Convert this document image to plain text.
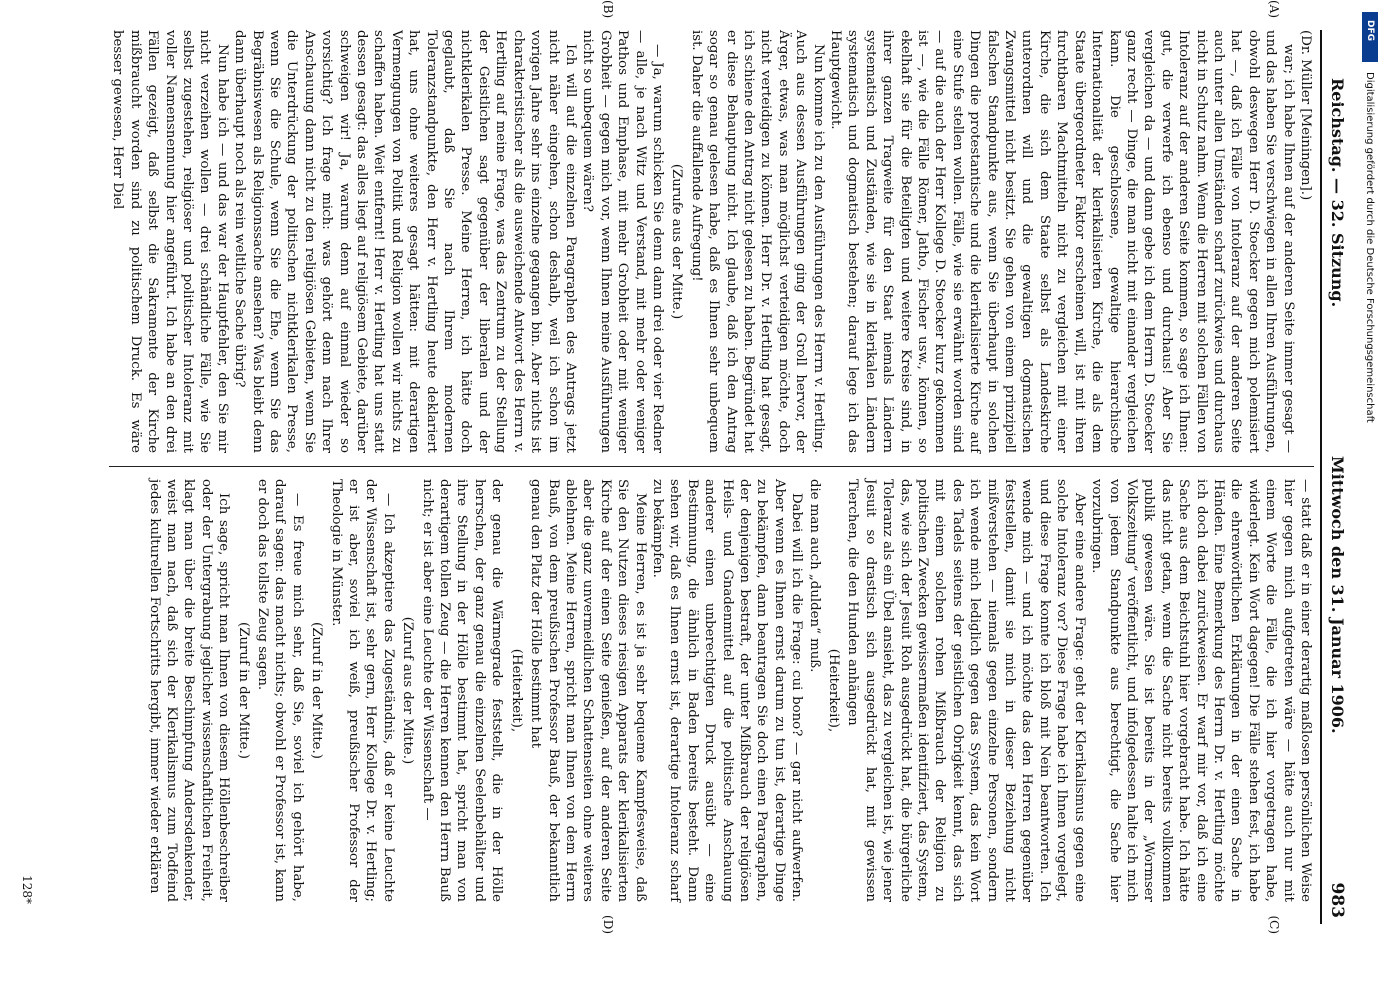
Reichstag. — 32. Sitzung.
Mittwoch den 31. Januar 1906.
983
(A)
(B)

(Dr. Müller [Meiningen].)

war; ich habe Ihnen auf der anderen Seite immer gesagt — und das haben Sie verschwiegen in allen Ihren Ausführungen, obwohl deswegen Herr D. Stoecker gegen mich polemisiert hat —, daß ich Fälle von Intoleranz auf der anderen Seite auch unter allen Umständen scharf zurückwies und durchaus nicht in Schutz nahm. Wenn die Herren mit solchen Fällen von Intoleranz auf der anderen Seite kommen, so sage ich Ihnen: gut, die verwerfe ich ebenso und durchaus! Aber Sie vergleichen da — und dann gebe ich dem Herrn D. Stoecker ganz recht — Dinge, die man nicht mit einander vergleichen kann. Die geschlossene, gewaltige hierarchische Internationalität der klerikalisierten Kirche, die als dem Staate übergeordneter Faktor erscheinen will, ist mit ihren furchtbaren Machtmitteln nicht zu vergleichen mit einer Kirche, die sich dem Staate selbst als Landeskirche unterordnen will und die gewaltigen dogmatischen Zwangsmittel nicht besitzt. Sie gehen von einem prinzipiell falschen Standpunkte aus, wenn Sie überhaupt in solchen Dingen die protestantische und die klerikalisierte Kirche auf eine Stufe stellen wollen. Fälle, wie sie erwähnt worden sind — auf die auch der Herr Kollege D. Stoecker kurz gekommen ist —, wie die Fälle Römer, Jatho, Fischer usw., können, so ekelhaft sie für die Beteiligten und weitere Kreise sind, in ihrer ganzen Tragweite für den Staat niemals Ländern systematisch und Zuständen, wie sie in klerikalen Ländern systematisch und dogmatisch bestehen; darauf lege ich das Hauptgewicht.

Nun komme ich zu den Ausführungen des Herrn v. Hertling. Auch aus dessen Ausführungen ging der Groll hervor, der Ärger, etwas, was man möglichst verteidigen möchte, doch nicht verteidigen zu können. Herr Dr. v. Hertling hat gesagt, ich schiene den Antrag nicht gelesen zu haben. Begründet hat er diese Behauptung nicht. Ich glaube, daß ich den Antrag sogar so genau gelesen habe, daß es Ihnen sehr unbequem ist. Daher die auffallende Aufregung!

(Zurufe aus der Mitte.)

— Ja, warum schicken Sie denn dann drei oder vier Redner — alle, je nach Witz und Verstand, mit mehr oder weniger Pathos und Emphase, mit mehr Grobheit oder mit weniger Grobheit — gegen mich vor, wenn Ihnen meine Ausführungen nicht so unbequem wären?

Ich will auf die einzelnen Paragraphen des Antrags jetzt nicht näher eingehen, schon deshalb, weil ich schon im vorigen Jahre sehr ins einzelne gegangen bin. Aber nichts ist charakteristischer als die ausweichende Antwort des Herrn v. Hertling auf meine Frage, was das Zentrum zu der Stellung der Geistlichen sagt gegenüber der liberalen und der nichtklerikalen Presse. Meine Herren, ich hätte doch geglaubt, daß Sie nach Ihrem modernen Toleranzstandpunkte, den Herr v. Hertling heute deklariert hat, uns ohne weiteres gesagt hätten: mit derartigen Vermengungen von Politik und Religion wollen wir nichts zu schaffen haben. Weit entfernt! Herr v. Hertling hat uns statt dessen gesagt: das alles liegt auf religiösem Gebiete, darüber schweigen wir! Ja, warum denn auf einmal wieder so vorsichtig? Ich frage mich: was gehört denn nach Ihrer Anschauung dann nicht zu den religiösen Gebieten, wenn Sie die Unterdrückung der politischen nichtklerikalen Presse, wenn Sie die Schule, wenn Sie die Ehe, wenn Sie das Begräbniswesen als Religionssache ansehen? Was bleibt denn dann überhaupt noch als rein weltliche Sache übrig?

Nun habe ich — und das war der Hauptfehler, den Sie mir nicht verzeihen wollen — drei schändliche Fälle, wie Sie selbst zugestehen, religiöser und politischer Intoleranz mit voller Namensnennung hier angeführt. Ich habe an den drei Fällen gezeigt, daß selbst die Sakramente der Kirche mißbraucht worden sind zu politischem Druck. Es wäre besser gewesen, Herr Diel

(C)
(D)

— statt daß er in einer derartig maßlosen persönlichen Weise hier gegen mich aufgetreten wäre — hätte auch nur mit einem Worte die Fälle, die ich hier vorgetragen habe, widerlegt. Kein Wort dagegen! Die Fälle stehen fest, ich habe die ehrenwörtlichen Erklärungen in der einen Sache in Händen. Eine Bemerkung des Herrn Dr. v. Hertling möchte ich doch dabei zurückweisen. Er warf mir vor, daß ich eine Sache aus dem Beichtstuhl hier vorgebracht habe. Ich hätte das nicht getan, wenn die Sache nicht bereits vollkommen publik gewesen wäre. Sie ist bereits in der „Wormser Volkszeitung“ veröffentlicht, und infolgedessen halte ich mich von jedem Standpunkte aus berechtigt, die Sache hier vorzubringen.

Aber eine andere Frage: geht der Klerikalismus gegen eine solche Intoleranz vor? Diese Frage habe ich Ihnen vorgelegt, und diese Frage konnte ich bloß mit Nein beantworten. Ich wende mich — und ich möchte das den Herren gegenüber feststellen, damit sie mich in dieser Beziehung nicht mißverstehen — niemals gegen einzelne Personen, sondern ich wende mich lediglich gegen das System, das kein Wort des Tadels seitens der geistlichen Obrigkeit kennt, das sich mit einem solchen rohen Mißbrauch der Religion zu politischen Zwecken gewissermaßen identifiziert, das System, das, wie sich der Jesuit Roh ausgedrückt hat, die bürgerliche Toleranz als ein Übel ansieht, das zu vergleichen ist, wie jener Jesuit so drastisch sich ausgedrückt hat, mit gewissen Tierchen, die den Hunden anhängen

(Heiterkeit),

die man auch „dulden“ muß.

Dabei will ich die Frage: cui bono? — gar nicht aufwerfen. Aber wenn es Ihnen ernst darum zu tun ist, derartige Dinge zu bekämpfen, dann beantragen Sie doch einen Paragraphen, der denjenigen bestraft, der unter Mißbrauch der religiösen Heils- und Gnadenmittel auf die politische Anschauung anderer einen unberechtigten Druck ausübt — eine Bestimmung, die ähnlich in Baden bereits besteht. Dann sehen wir, daß es Ihnen ernst ist, derartige Intoleranz scharf zu bekämpfen.

Meine Herren, es ist ja sehr bequeme Kampfesweise, daß Sie den Nutzen dieses riesigen Apparats der klerikalisierten Kirche auf der einen Seite genießen, auf der anderen Seite aber die ganz unvermeidlichen Schattenseiten ohne weiteres ablehnen. Meine Herren, spricht man Ihnen von dem Herrn Bauß, von dem preußischen Professor Bauß, der bekanntlich genau den Platz der Hölle bestimmt hat

(Heiterkeit),

der genau die Wärmegrade feststellt, die in der Hölle herrschen, der ganz genau die einzelnen Seelenbehälter und ihre Stellung in der Hölle bestimmt hat, spricht man von derartigem tollen Zeug — die Herren kennen den Herrn Bauß nicht; er ist aber eine Leuchte der Wissenschaft —

(Zuruf aus der Mitte.)

— Ich akzeptiere das Zugeständnis, daß er keine Leuchte der Wissenschaft ist, sehr gern, Herr Kollege Dr. v. Hertling; er ist aber, soviel ich weiß, preußischer Professor der Theologie in Münster.

(Zuruf in der Mitte.)

— Es freue mich sehr, daß Sie, soviel ich gehört habe, darauf sagen: das macht nichts; obwohl er Professor ist, kann er doch das tollste Zeug sagen.

(Zuruf in der Mitte.)

Ich sage, spricht man Ihnen von diesem Höllenbeschreiber oder der Untergrabung jeglicher wissenschaftlichen Freiheit, klagt man über die breite Beschimpfung Andersdenkender, weist man nach, daß sich der Klerikalismus zum Todfeind jedes kulturellen Fortschritts hergibt, immer wieder erklären

128*
DFG
Digitalisierung gefördert durch die Deutsche Forschungsgemeinschaft
